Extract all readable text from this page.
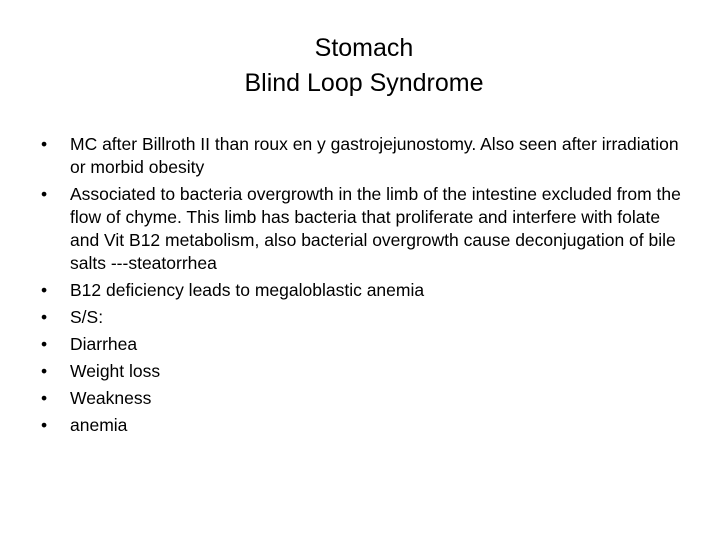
Stomach
Blind Loop Syndrome
• MC after Billroth II than roux en y gastrojejunostomy. Also seen after irradiation or morbid obesity
• Associated to bacteria overgrowth in the limb of the intestine excluded from the flow of chyme. This limb has bacteria that proliferate and interfere with folate and Vit B12 metabolism, also bacterial overgrowth cause deconjugation of bile salts ---steatorrhea
• B12 deficiency leads to megaloblastic anemia
• S/S:
• Diarrhea
• Weight loss
• Weakness
• anemia
